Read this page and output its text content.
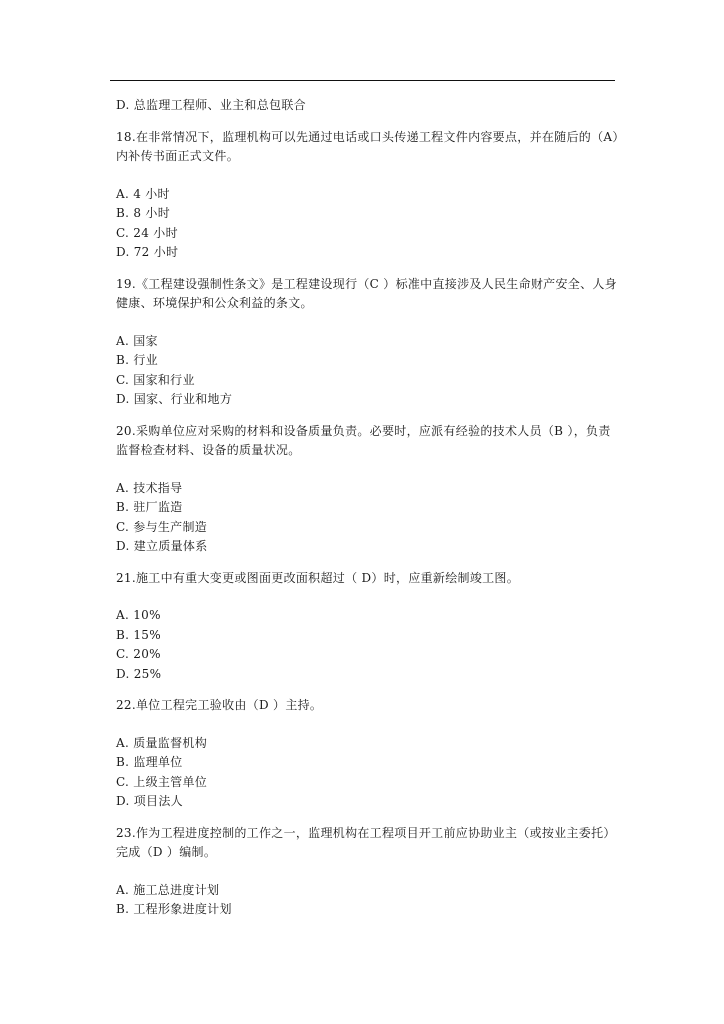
D. 总监理工程师、业主和总包联合

18.在非常情况下，监理机构可以先通过电话或口头传递工程文件内容要点，并在随后的（A）内补传书面正式文件。

A. 4 小时

B. 8 小时

C. 24 小时

D. 72 小时

19.《工程建设强制性条文》是工程建设现行（C ）标准中直接涉及人民生命财产安全、人身健康、环境保护和公众利益的条文。

A. 国家

B. 行业

C. 国家和行业

D. 国家、行业和地方

20.采购单位应对采购的材料和设备质量负责。必要时，应派有经验的技术人员（B ），负责监督检查材料、设备的质量状况。

A. 技术指导

B. 驻厂监造

C. 参与生产制造

D. 建立质量体系

21.施工中有重大变更或图面更改面积超过（ D）时，应重新绘制竣工图。

A. 10%

B. 15%

C. 20%

D. 25%

22.单位工程完工验收由（D ）主持。

A. 质量监督机构

B. 监理单位

C. 上级主管单位

D. 项目法人

23.作为工程进度控制的工作之一，监理机构在工程项目开工前应协助业主（或按业主委托）完成（D ）编制。

A. 施工总进度计划

B. 工程形象进度计划
